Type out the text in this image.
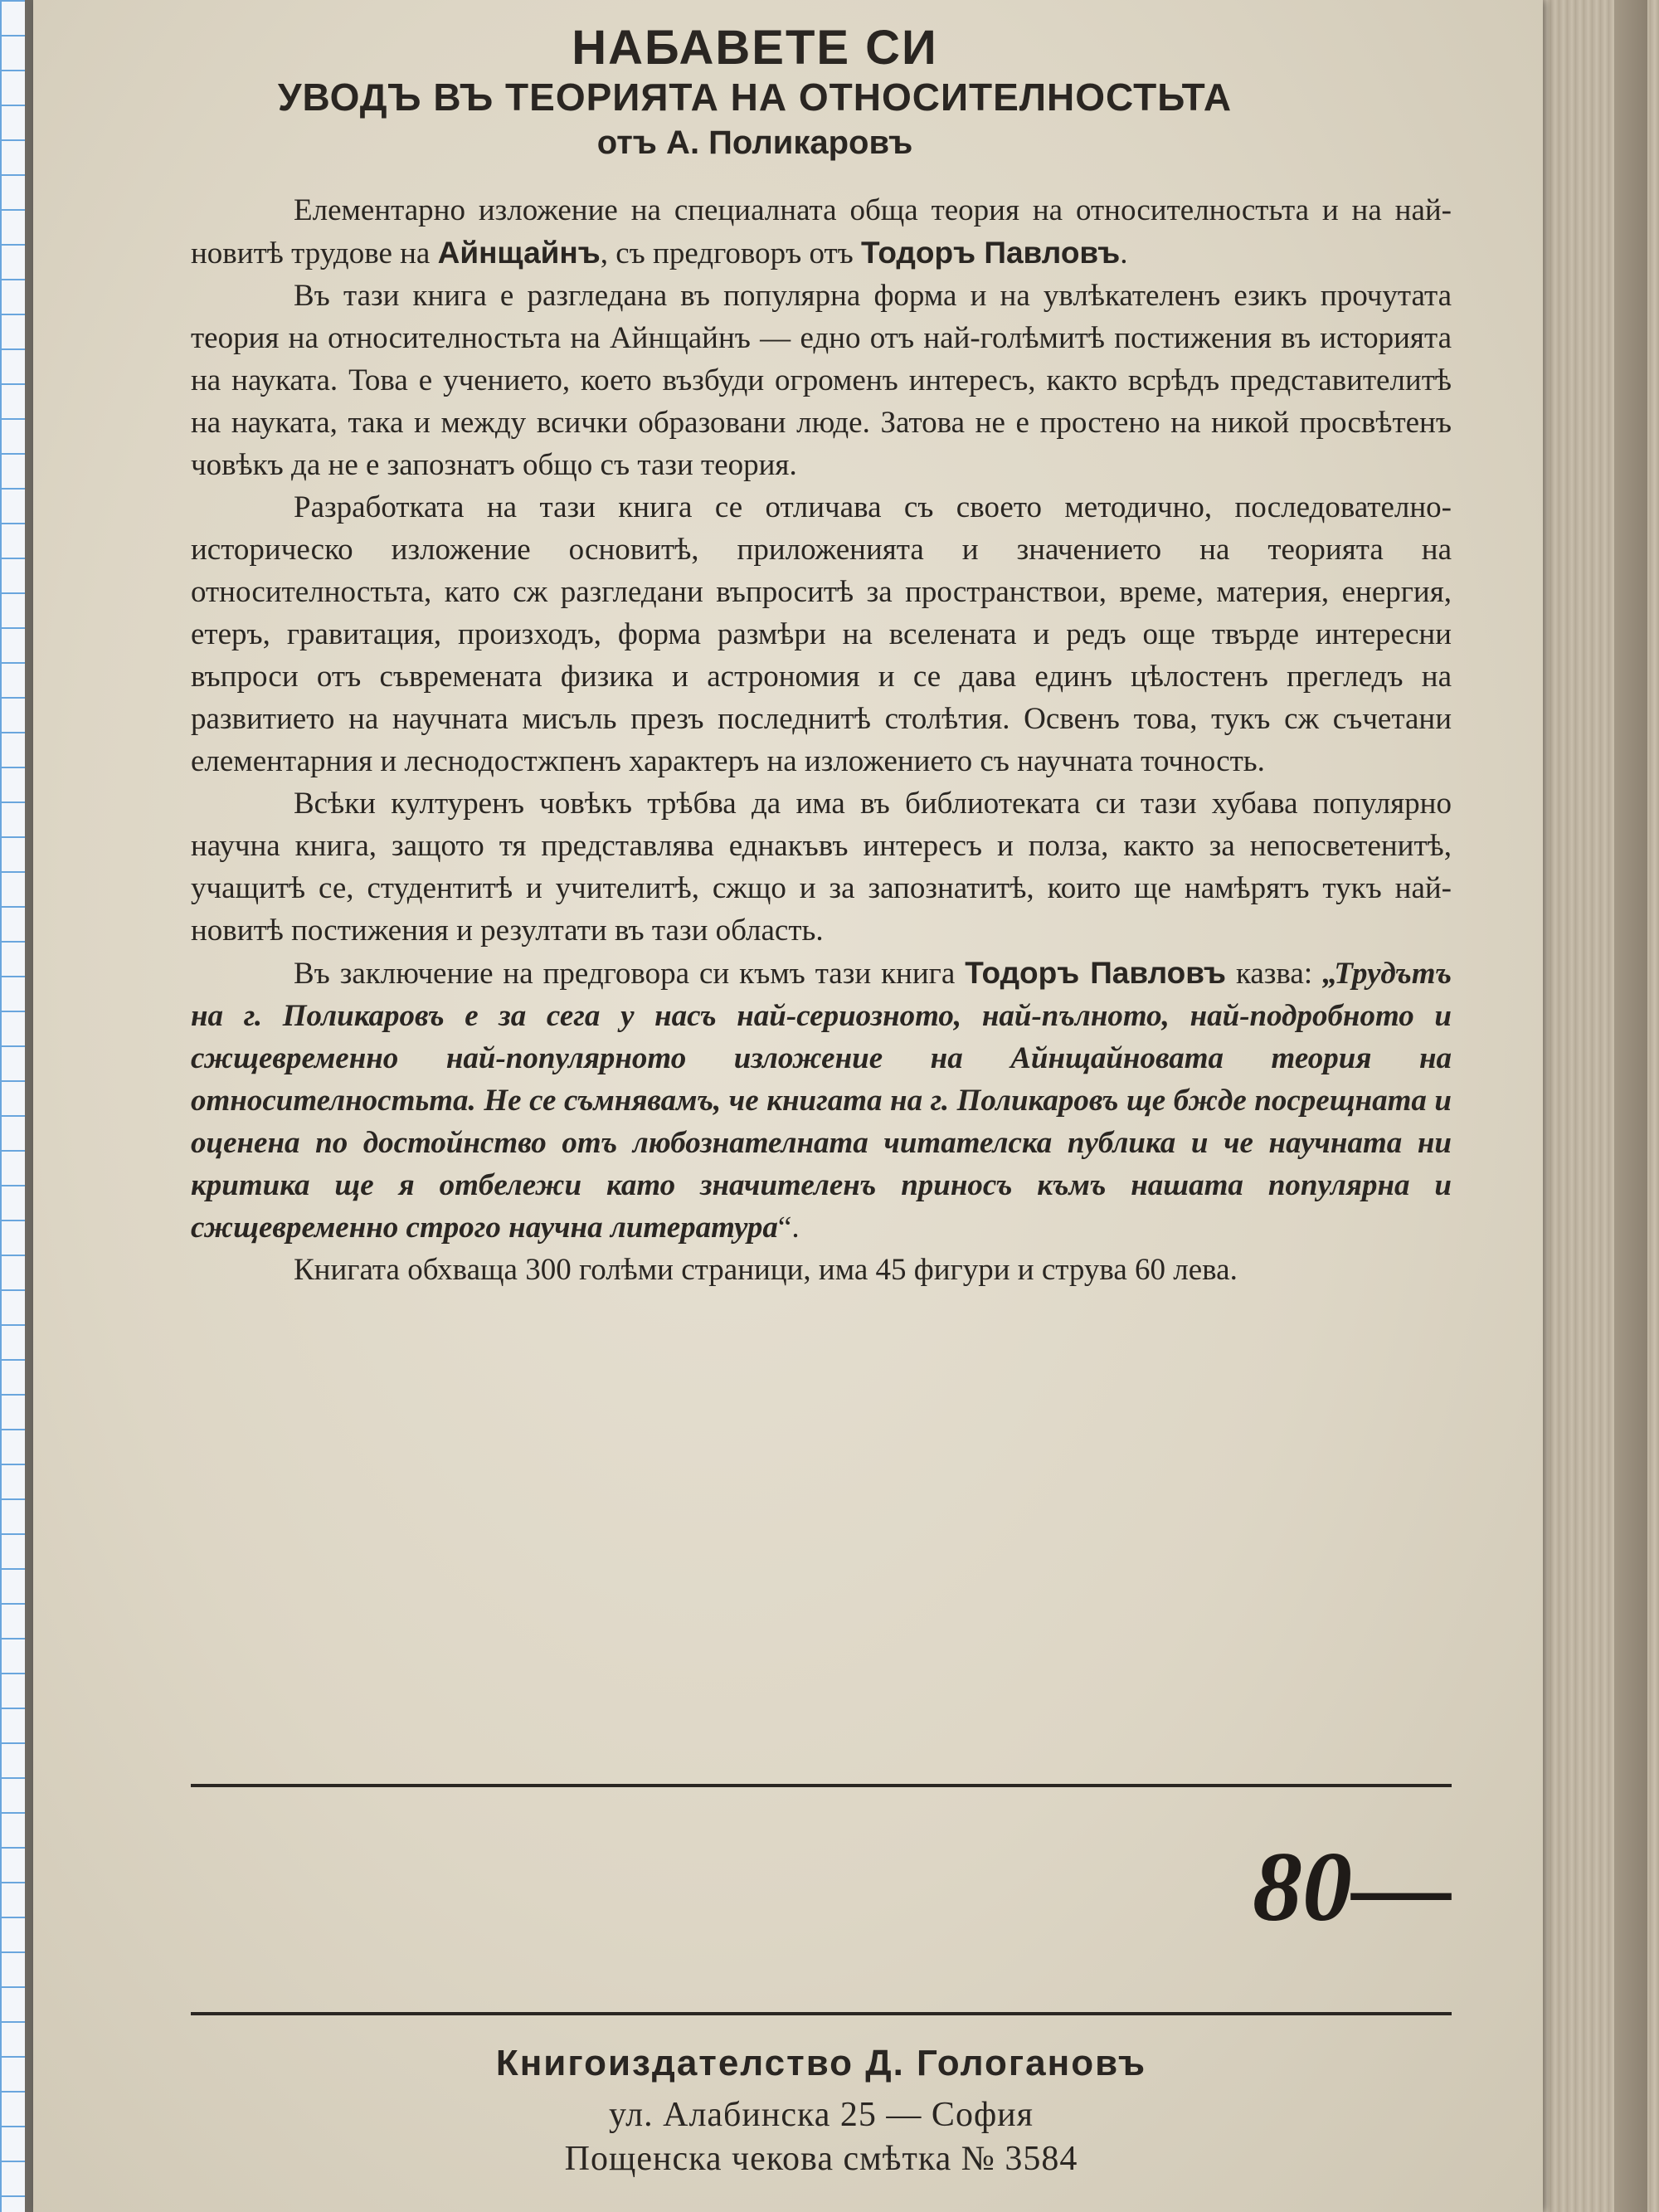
НАБАВЕТЕ СИ
УВОДЪ ВЪ ТЕОРИЯТА НА ОТНОСИТЕЛНОСТЬТА
отъ А. Поликаровъ

Елементарно изложение на специалната обща теория на относителностьта и на най-новитѣ трудове на Айнщайнъ, съ предговоръ отъ Тодоръ Павловъ.

Въ тази книга е разгледана въ популярна форма и на увлѣкателенъ езикъ прочутата теория на относителностьта на Айнщайнъ — едно отъ най-голѣмитѣ постижения въ историята на науката. Това е учението, което възбуди огроменъ интересъ, както всрѣдъ представителитѣ на науката, така и между всички образовани люде. Затова не е простено на никой просвѣтенъ човѣкъ да не е запознатъ общо съ тази теория.

Разработката на тази книга се отличава съ своето методично, последователно-историческо изложение основитѣ, приложенията и значението на теорията на относителностьта, като сж разгледани въпроситѣ за пространствои, време, материя, енергия, етеръ, гравитация, произходъ, форма размѣри на вселената и редъ още твърде интересни въпроси отъ съвремената физика и астрономия и се дава единъ цѣлостенъ прегледъ на развитието на научната мисъль презъ последнитѣ столѣтия. Освенъ това, тукъ сж съчетани елементарния и леснодостжпенъ характеръ на изложението съ научната точность.

Всѣки културенъ човѣкъ трѣбва да има въ библиотеката си тази хубава популярно научна книга, защото тя представлява еднакъвъ интересъ и полза, както за непосветенитѣ, учащитѣ се, студентитѣ и учителитѣ, сжщо и за запознатитѣ, които ще намѣрятъ тукъ най-новитѣ постижения и резултати въ тази область.

Въ заключение на предговора си къмъ тази книга Тодоръ Павловъ казва: „Трудътъ на г. Поликаровъ е за сега у насъ най-сериозното, най-пълното, най-подробното и сжщевременно най-популярното изложение на Айнщайновата теория на относителностьта. Не се съмнявамъ, че книгата на г. Поликаровъ ще бжде посрещната и оценена по достойнство отъ любознателната читателска публика и че научната ни критика ще я отбележи като значителенъ приносъ къмъ нашата популярна и сжщевременно строго научна литература“.

Книгата обхваща 300 голѣми страници, има 45 фигури и струва 60 лева.

80—
Книгоиздателство Д. Гологановъ
ул. Алабинска 25 — София
Пощенска чекова смѣтка № 3584
